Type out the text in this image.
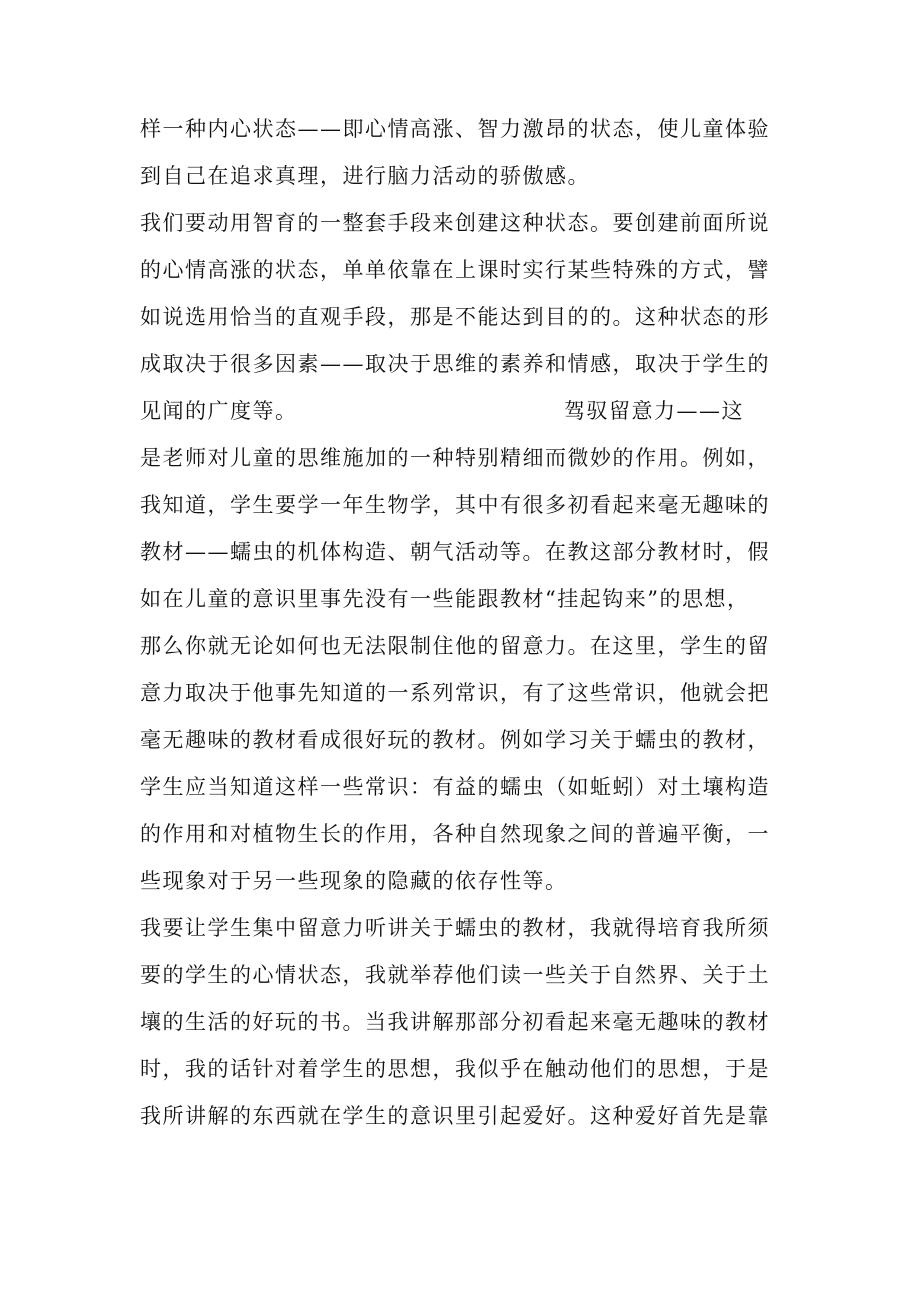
样一种内心状态——即心情高涨、智力激昂的状态，使儿童体验
到自己在追求真理，进行脑力活动的骄傲感。
我们要动用智育的一整套手段来创建这种状态。要创建前面所说
的心情高涨的状态，单单依靠在上课时实行某些特殊的方式，譬
如说选用恰当的直观手段，那是不能达到目的的。这种状态的形
成取决于很多因素——取决于思维的素养和情感，取决于学生的
见闻的广度等。	驾驭留意力——这
是老师对儿童的思维施加的一种特别精细而微妙的作用。例如，
我知道，学生要学一年生物学，其中有很多初看起来毫无趣味的
教材——蠕虫的机体构造、朝气活动等。在教这部分教材时，假
如在儿童的意识里事先没有一些能跟教材“挂起钩来”的思想，
那么你就无论如何也无法限制住他的留意力。在这里，学生的留
意力取决于他事先知道的一系列常识，有了这些常识，他就会把
毫无趣味的教材看成很好玩的教材。例如学习关于蠕虫的教材，
学生应当知道这样一些常识：有益的蠕虫（如蚯蚓）对土壤构造
的作用和对植物生长的作用，各种自然现象之间的普遍平衡，一
些现象对于另一些现象的隐藏的依存性等。
我要让学生集中留意力听讲关于蠕虫的教材，我就得培育我所须
要的学生的心情状态，我就举荐他们读一些关于自然界、关于土
壤的生活的好玩的书。当我讲解那部分初看起来毫无趣味的教材
时，我的话针对着学生的思想，我似乎在触动他们的思想，于是
我所讲解的东西就在学生的意识里引起爱好。这种爱好首先是靠
